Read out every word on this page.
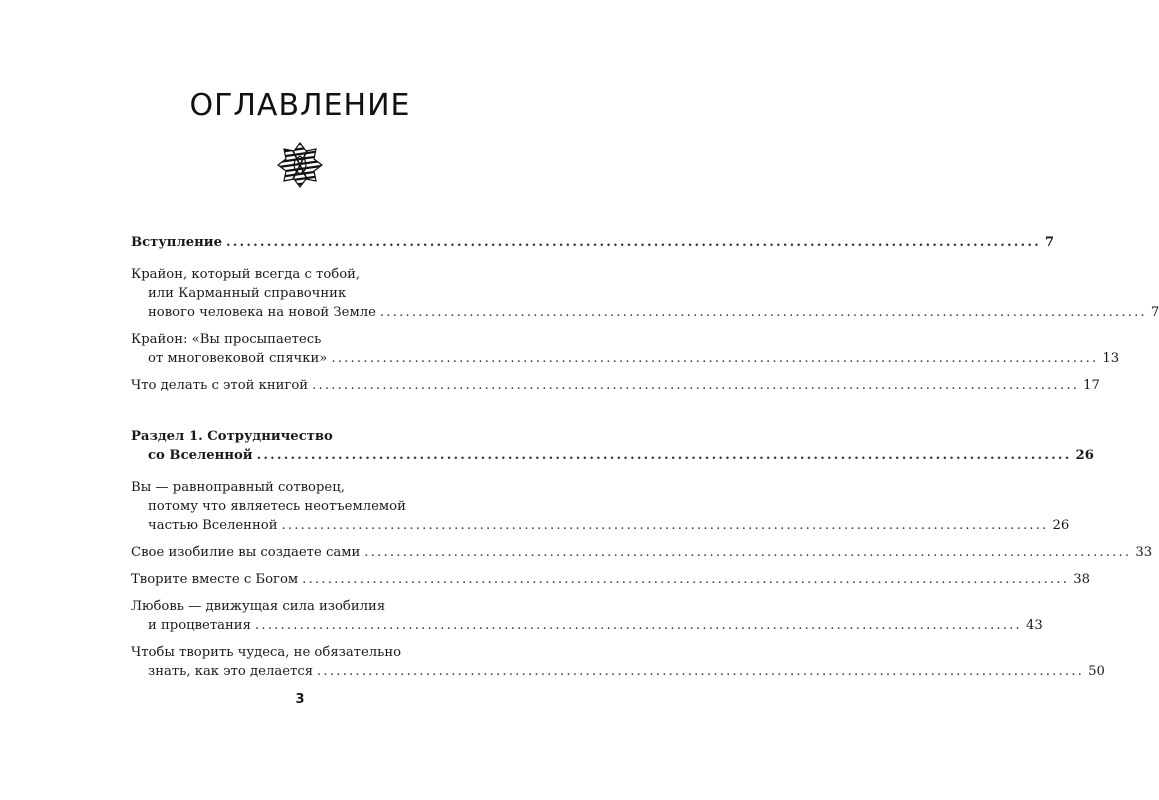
ОГЛАВЛЕНИЕ
Вступление ........................................................................................................................ 7
Крайон, который всегда с тобой,
или Карманный справочник
нового человека на новой Земле ........................................................................................................................ 7
Крайон: «Вы просыпаетесь
от многовековой спячки» ........................................................................................................................ 13
Что делать с этой книгой ........................................................................................................................ 17
Раздел 1. Сотрудничество
со Вселенной ........................................................................................................................ 26
Вы — равноправный сотворец,
потому что являетесь неотъемлемой
частью Вселенной ........................................................................................................................ 26
Свое изобилие вы создаете сами ........................................................................................................................ 33
Творите вместе с Богом ........................................................................................................................ 38
Любовь — движущая сила изобилия
и процветания ........................................................................................................................ 43
Чтобы творить чудеса, не обязательно
знать, как это делается ........................................................................................................................ 50
3
